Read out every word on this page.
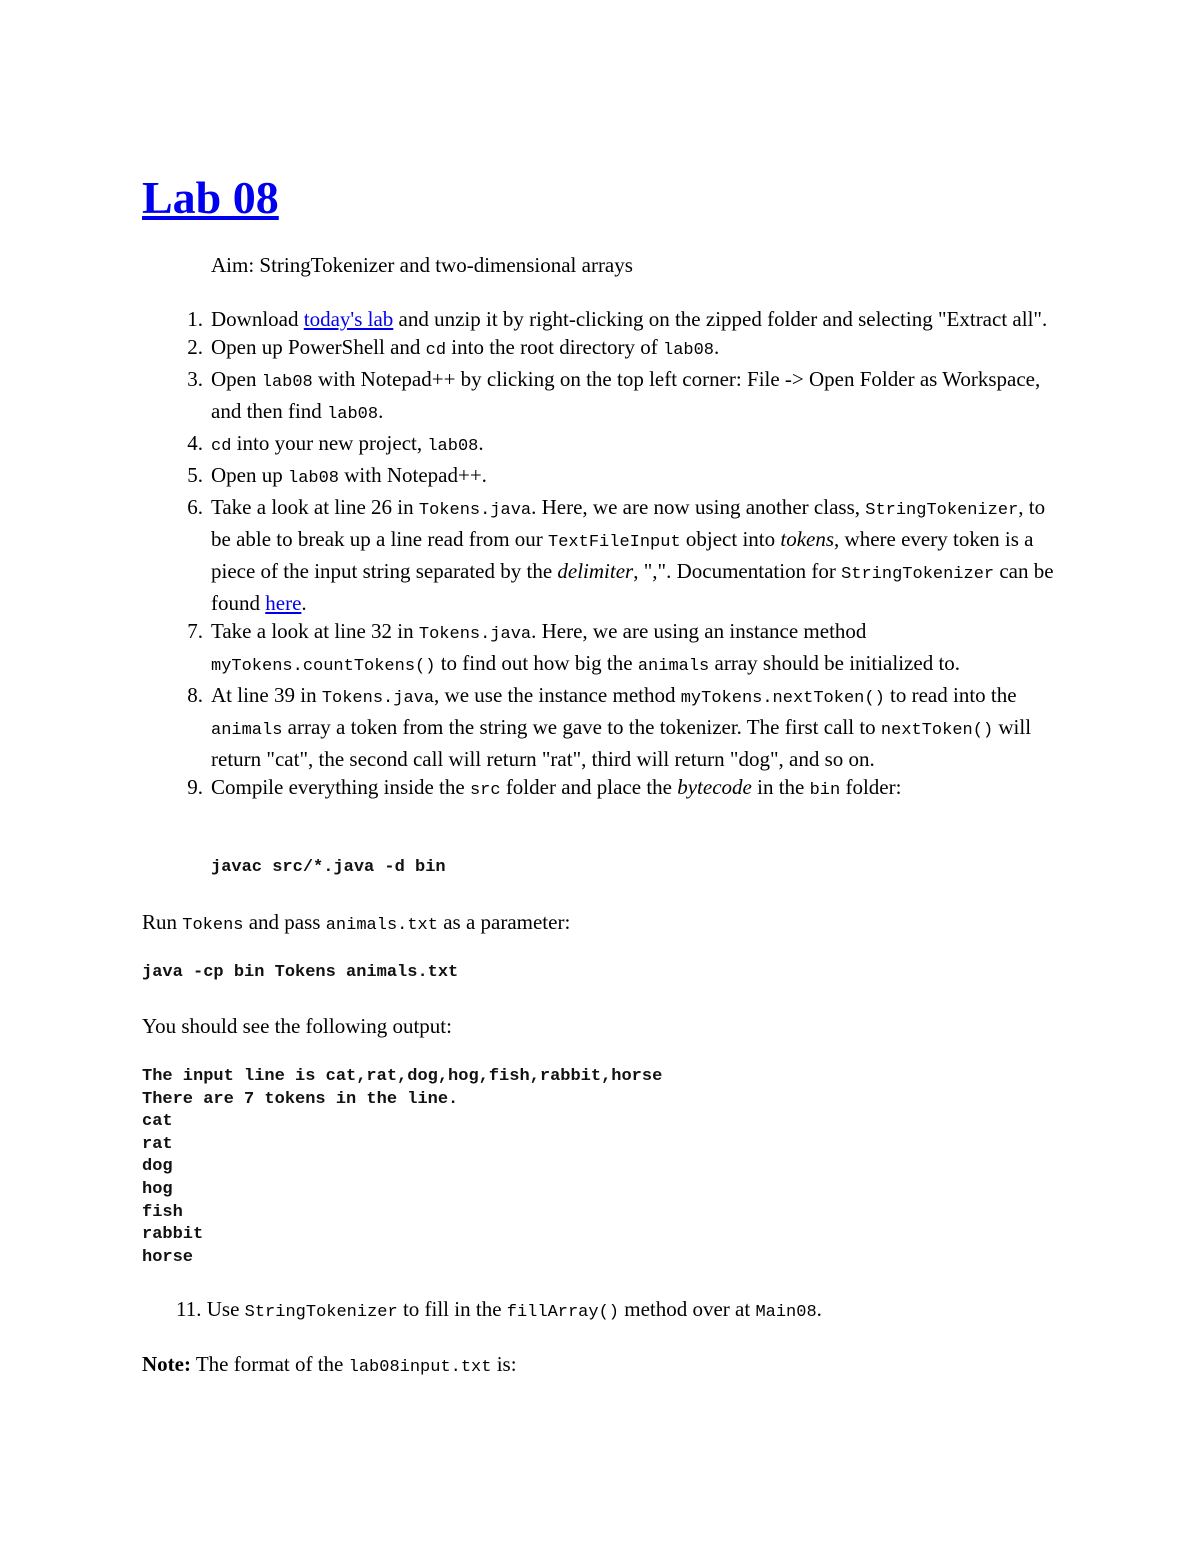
Lab 08

Aim: StringTokenizer and two-dimensional arrays

1. Download today's lab and unzip it by right-clicking on the zipped folder and selecting "Extract all".
2. Open up PowerShell and cd into the root directory of lab08.
3. Open lab08 with Notepad++ by clicking on the top left corner: File -> Open Folder as Workspace, and then find lab08.
4. cd into your new project, lab08.
5. Open up lab08 with Notepad++.
6. Take a look at line 26 in Tokens.java. Here, we are now using another class, StringTokenizer, to be able to break up a line read from our TextFileInput object into tokens, where every token is a piece of the input string separated by the delimiter, ",". Documentation for StringTokenizer can be found here.
7. Take a look at line 32 in Tokens.java. Here, we are using an instance method myTokens.countTokens() to find out how big the animals array should be initialized to.
8. At line 39 in Tokens.java, we use the instance method myTokens.nextToken() to read into the animals array a token from the string we gave to the tokenizer. The first call to nextToken() will return "cat", the second call will return "rat", third will return "dog", and so on.
9. Compile everything inside the src folder and place the bytecode in the bin folder:
javac src/*.java -d bin

Run Tokens and pass animals.txt as a parameter:

java -cp bin Tokens animals.txt

You should see the following output:

The input line is cat,rat,dog,hog,fish,rabbit,horse
There are 7 tokens in the line.
cat
rat
dog
hog
fish
rabbit
horse

11. Use StringTokenizer to fill in the fillArray() method over at Main08.

Note: The format of the lab08input.txt is:
